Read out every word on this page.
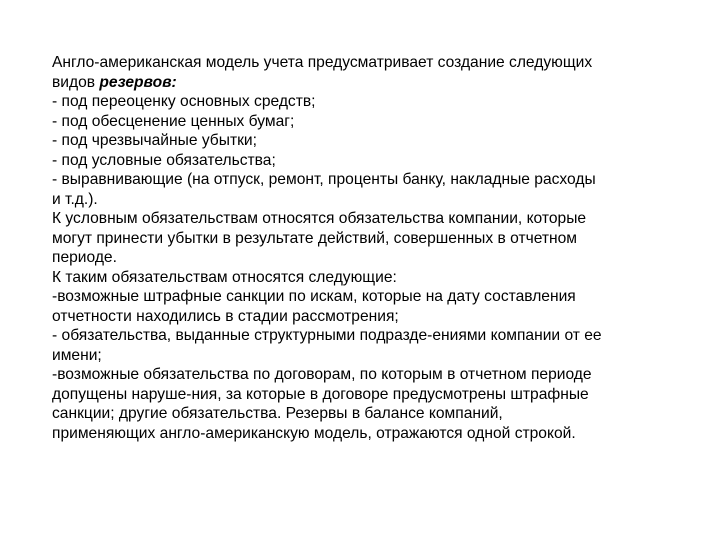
Англо-американская модель учета предусматривает создание следующих
видов резервов:
- под переоценку основных средств;
- под обесценение ценных бумаг;
- под чрезвычайные убытки;
- под условные обязательства;
- выравнивающие (на отпуск, ремонт, проценты банку, накладные расходы
и т.д.).
К условным обязательствам относятся обязательства компании, которые
могут принести убытки в результате действий, совершенных в отчетном
периоде.
К таким обязательствам относятся следующие:
-возможные штрафные санкции по искам, которые на дату составления
отчетности находились в стадии рассмотрения;
- обязательства, выданные структурными подразде-ениями компании от ее
имени;
-возможные обязательства по договорам, по которым в отчетном периоде
допущены наруше-ния, за которые в договоре предусмотрены штрафные
санкции; другие обязательства. Резервы в балансе компаний,
применяющих англо-американскую модель, отражаются одной строкой.
